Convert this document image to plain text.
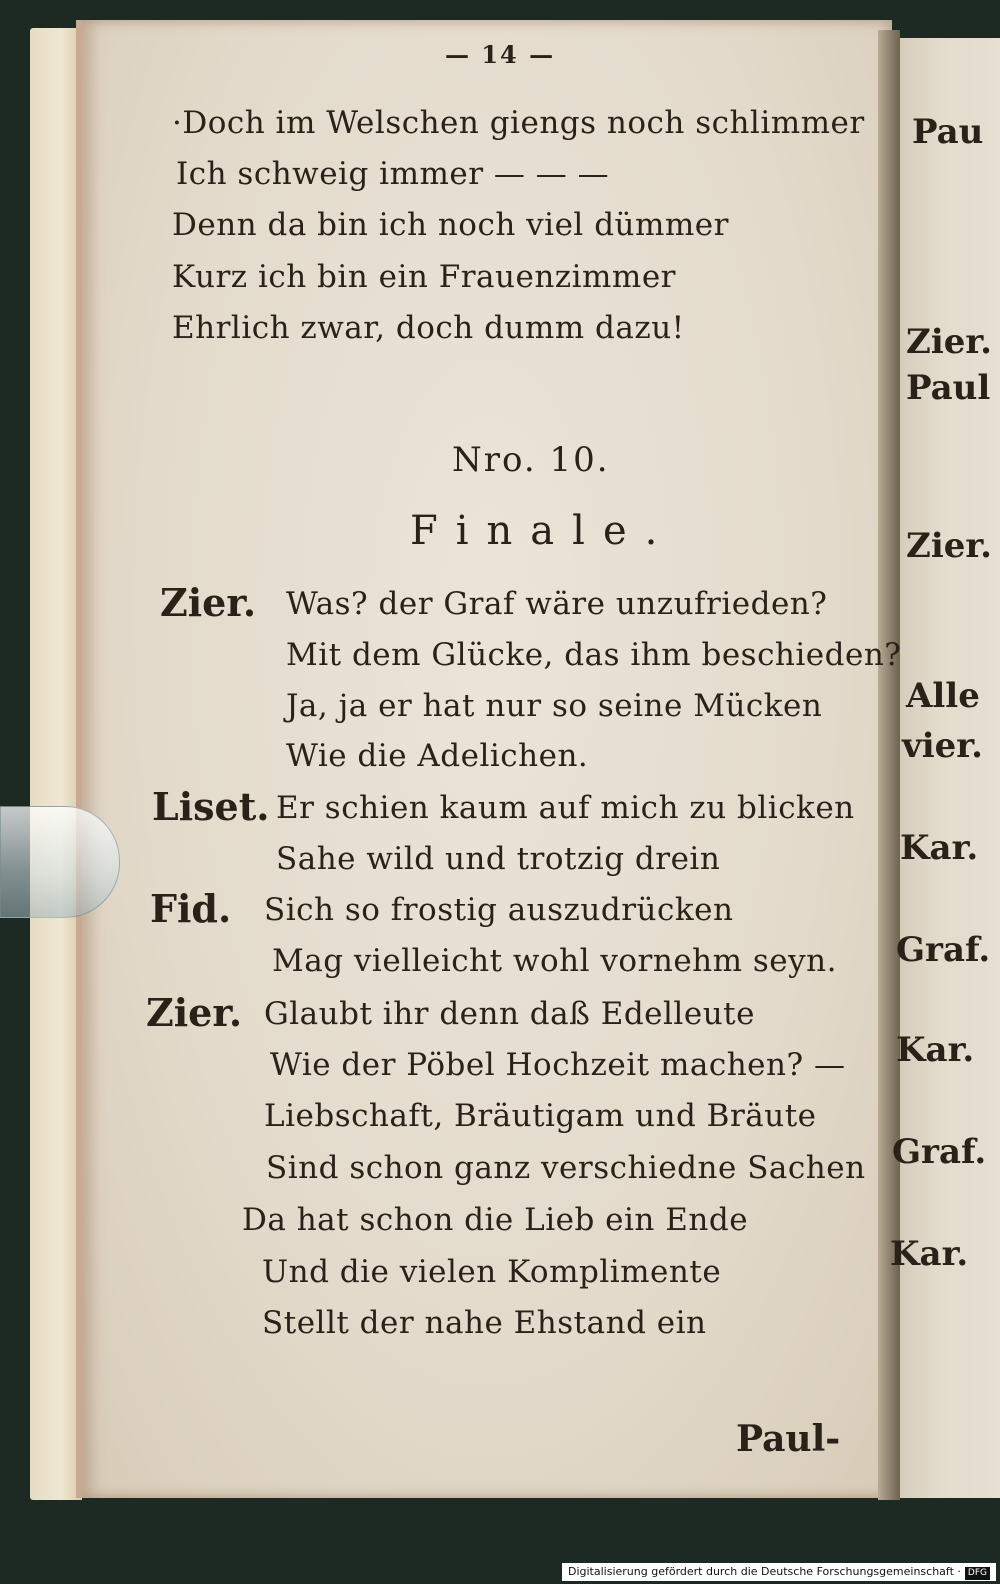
— 14 —
·Doch im Welschen giengs noch schlimmer
Ich schweig immer — — —
Denn da bin ich noch viel dümmer
Kurz ich bin ein Frauenzimmer
Ehrlich zwar, doch dumm dazu!
Nro. 10.
Finale.
Zier. Was? der Graf wäre unzufrieden?
Mit dem Glücke, das ihm beschieden?
Ja, ja er hat nur so seine Mücken
Wie die Adelichen.
Liset. Er schien kaum auf mich zu blicken
Sahe wild und trotzig drein
Fid. Sich so frostig auszudrücken
Mag vielleicht wohl vornehm seyn.
Zier. Glaubt ihr denn daß Edelleute
Wie der Pöbel Hochzeit machen? —
Liebschaft, Bräutigam und Bräute
Sind schon ganz verschiedne Sachen
Da hat schon die Lieb ein Ende
Und die vielen Komplimente
Stellt der nahe Ehstand ein
Paul-
Pau
Zier.
Paul
Zier.
Alle
vier.
Kar.
Graf.
Kar.
Graf.
Kar.
Digitalisierung gefördert durch die Deutsche Forschungsgemeinschaft · DFG
